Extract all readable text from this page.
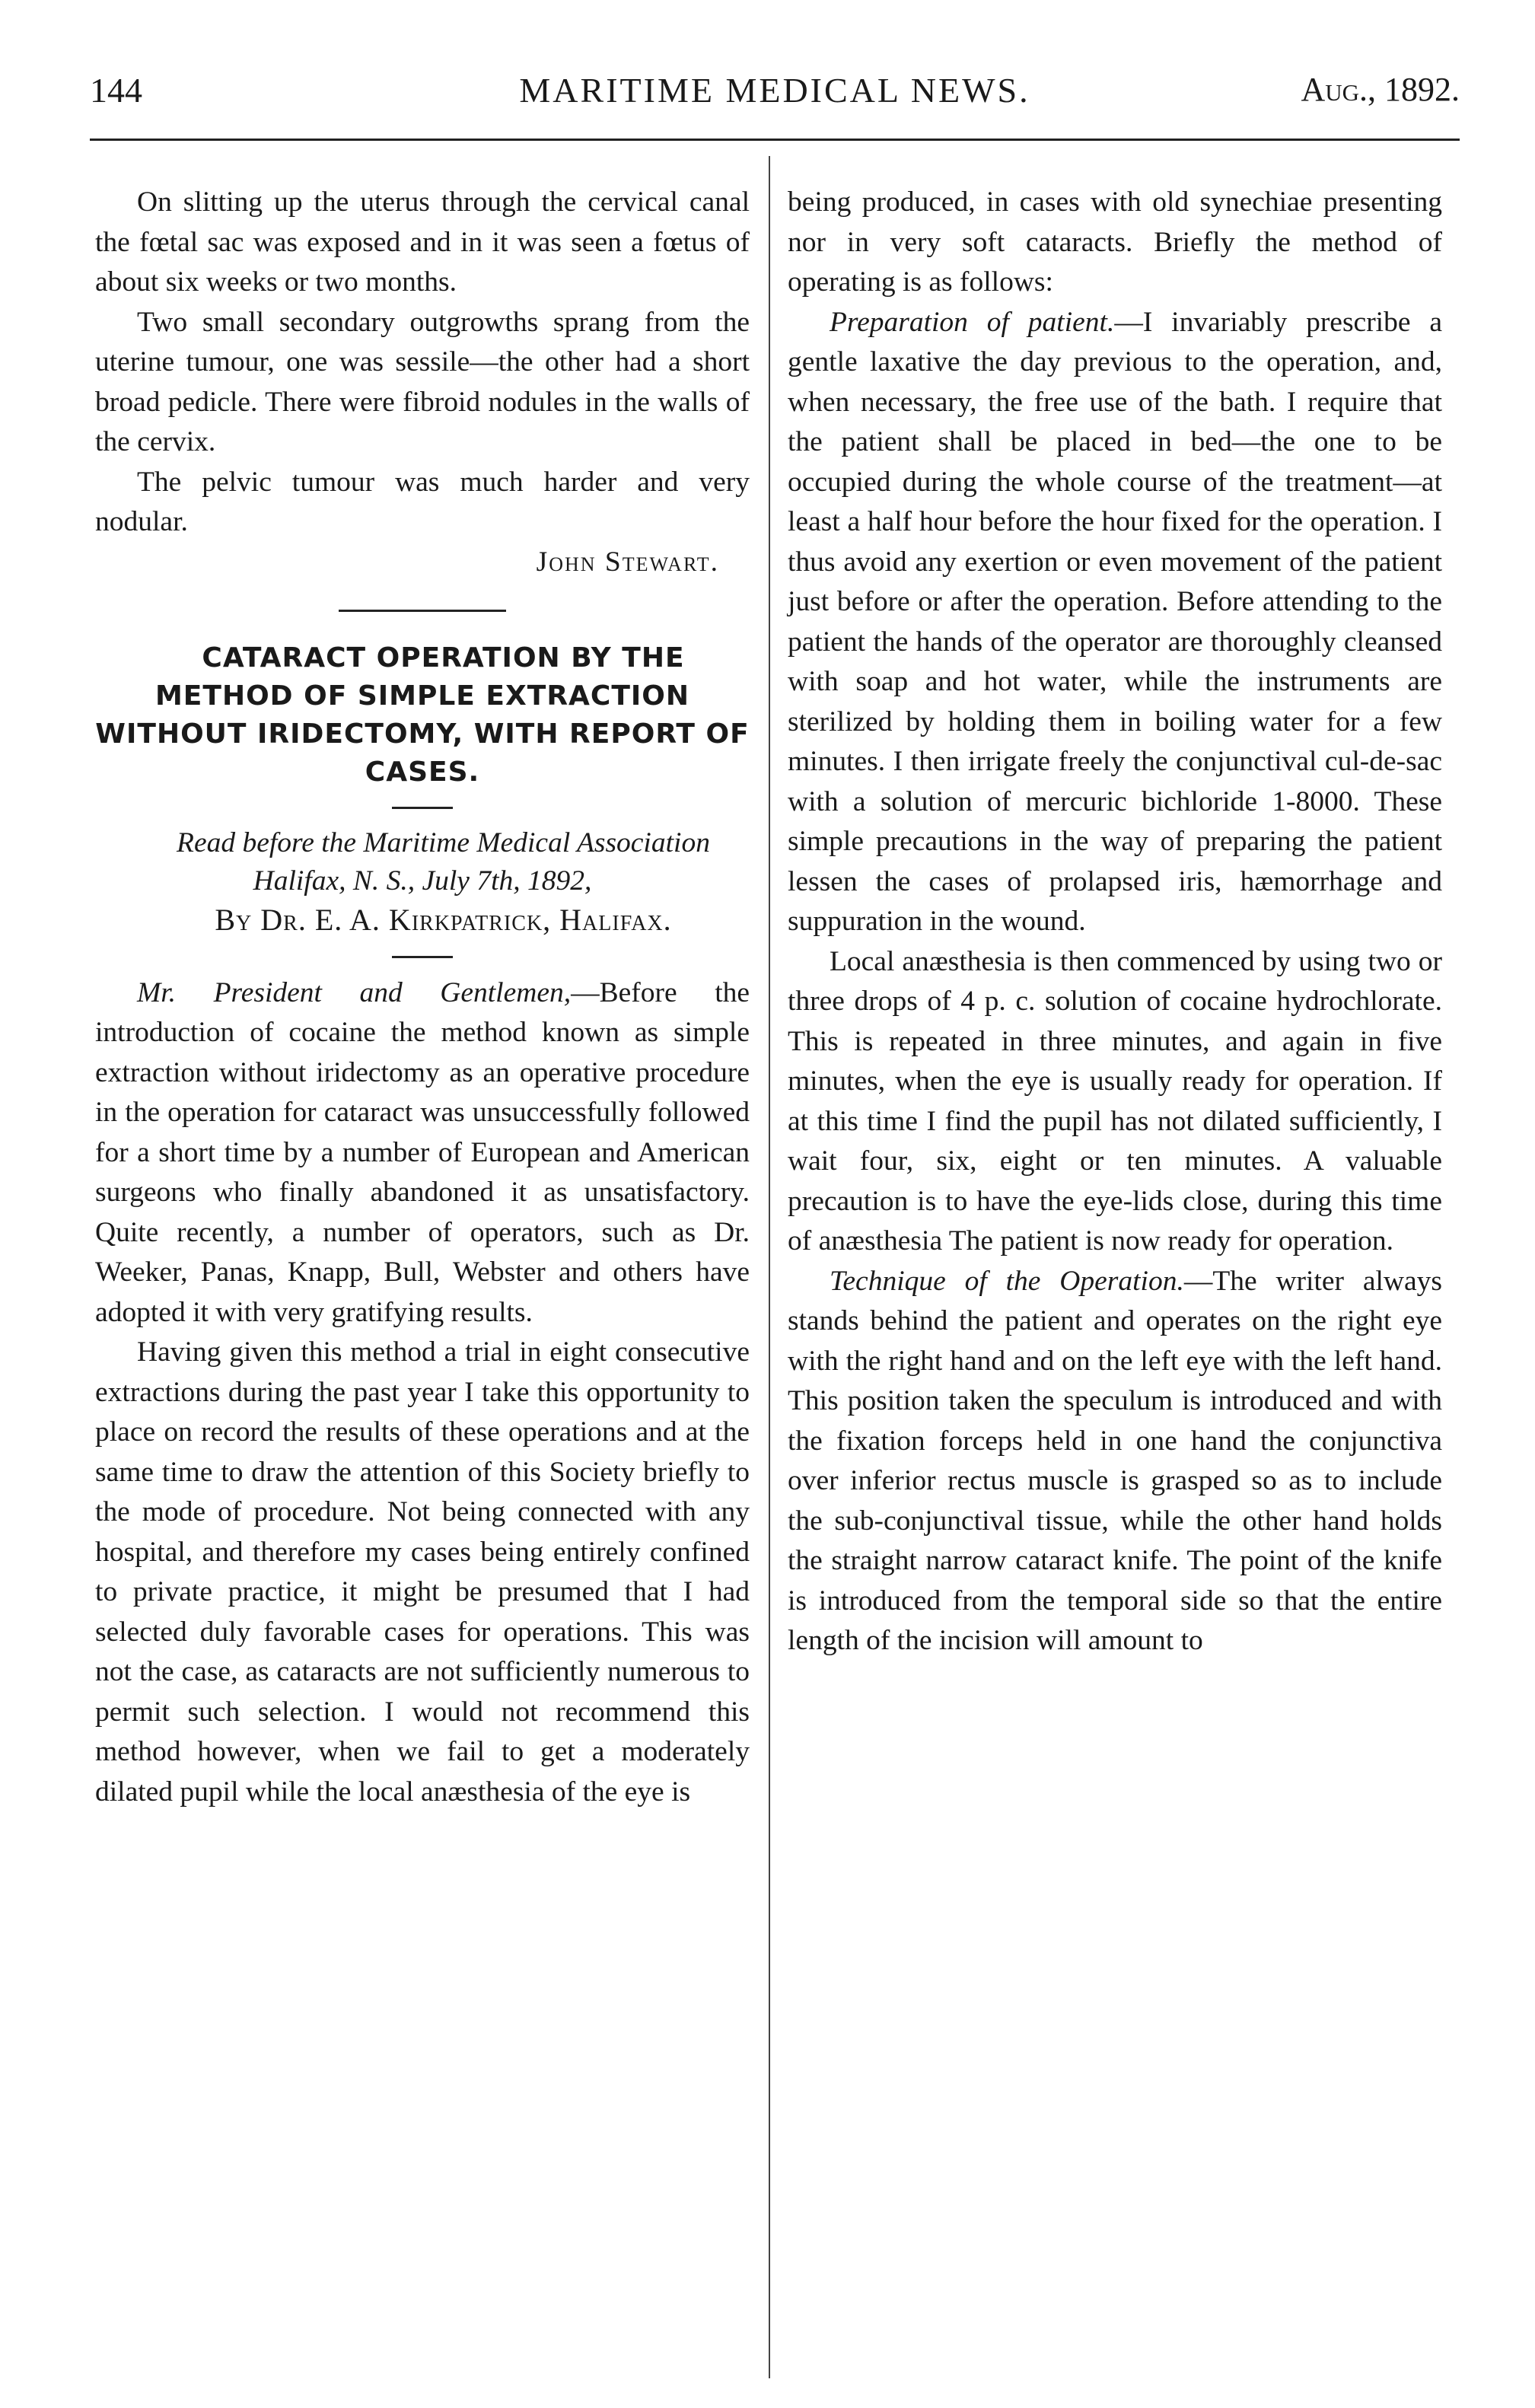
144	MARITIME MEDICAL NEWS.	Aug., 1892.

On slitting up the uterus through the cervical canal the fœtal sac was exposed and in it was seen a fœtus of about six weeks or two months.

Two small secondary outgrowths sprang from the uterine tumour, one was sessile—the other had a short broad pedicle. There were fibroid nodules in the walls of the cervix.

The pelvic tumour was much harder and very nodular.

John Stewart.

CATARACT OPERATION BY THE METHOD OF SIMPLE EXTRACTION WITHOUT IRIDECTOMY, WITH REPORT OF CASES.

Read before the Maritime Medical Association Halifax, N. S., July 7th, 1892,

By Dr. E. A. Kirkpatrick, Halifax.

Mr. President and Gentlemen,—Before the introduction of cocaine the method known as simple extraction without iridectomy as an operative procedure in the operation for cataract was unsuccessfully followed for a short time by a number of European and American surgeons who finally abandoned it as unsatisfactory. Quite recently, a number of operators, such as Dr. Weeker, Panas, Knapp, Bull, Webster and others have adopted it with very gratifying results.

Having given this method a trial in eight consecutive extractions during the past year I take this opportunity to place on record the results of these operations and at the same time to draw the attention of this Society briefly to the mode of procedure. Not being connected with any hospital, and therefore my cases being entirely confined to private practice, it might be presumed that I had selected duly favorable cases for operations. This was not the case, as cataracts are not sufficiently numerous to permit such selection. I would not recommend this method however, when we fail to get a moderately dilated pupil while the local anæsthesia of the eye is

being produced, in cases with old synechiae presenting nor in very soft cataracts. Briefly the method of operating is as follows:

Preparation of patient.—I invariably prescribe a gentle laxative the day previous to the operation, and, when necessary, the free use of the bath. I require that the patient shall be placed in bed—the one to be occupied during the whole course of the treatment—at least a half hour before the hour fixed for the operation. I thus avoid any exertion or even movement of the patient just before or after the operation. Before attending to the patient the hands of the operator are thoroughly cleansed with soap and hot water, while the instruments are sterilized by holding them in boiling water for a few minutes. I then irrigate freely the conjunctival cul-de-sac with a solution of mercuric bichloride 1-8000. These simple precautions in the way of preparing the patient lessen the cases of prolapsed iris, hæmorrhage and suppuration in the wound.

Local anæsthesia is then commenced by using two or three drops of 4 p. c. solution of cocaine hydrochlorate. This is repeated in three minutes, and again in five minutes, when the eye is usually ready for operation. If at this time I find the pupil has not dilated sufficiently, I wait four, six, eight or ten minutes. A valuable precaution is to have the eye-lids close, during this time of anæsthesia The patient is now ready for operation.

Technique of the Operation.—The writer always stands behind the patient and operates on the right eye with the right hand and on the left eye with the left hand. This position taken the speculum is introduced and with the fixation forceps held in one hand the conjunctiva over inferior rectus muscle is grasped so as to include the sub-conjunctival tissue, while the other hand holds the straight narrow cataract knife. The point of the knife is introduced from the temporal side so that the entire length of the incision will amount to
